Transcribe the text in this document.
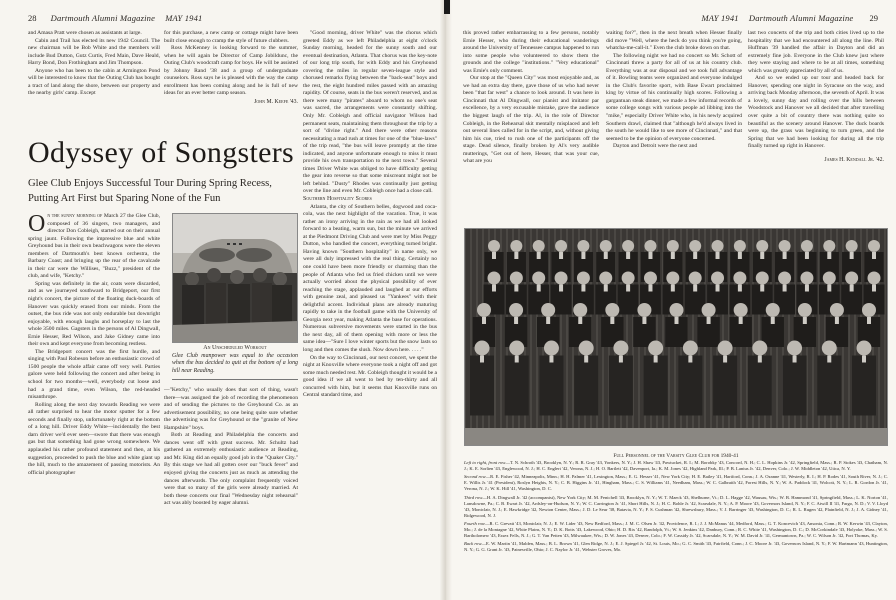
28 Dartmouth Alumni Magazine MAY 1941

and Amasa Pratt were chosen as assistants at large.

Cabin and Trail has elected its new 1942 Council. The new chairman will be Bob White and the members will include Bud Dutton, Gutz Curtis, Fred Main, Dave Heald, Harry Bond, Don Frothingham and Jim Thompson.

Anyone who has been to the cabin at Armington Pond will be interested to know that the Outing Club has bought a tract of land along the shore, between our property and the nearby girls' camp. Except

for this purchase, a new camp or cottage might have been built close enough to cramp the style of future clubbers.

Ross McKenney is looking forward to the summer, when he will again be Director of Camp Jobildunc, the Outing Club's woodcraft camp for boys. He will be assisted by Johnny Rand '38 and a group of undergraduate counselors. Ross says he is pleased with the way the camp enrollment has been coming along and he is full of new ideas for an ever better camp season.

John M. Keefe '43.
Odyssey of Songsters
Glee Club Enjoys Successful Tour During Spring Recess,
Putting Art First but Sparing None of the Fun

On the sunny morning of March 27 the Glee Club, composed of 36 singers, two managers, and director Don Cobleigh, started out on their annual spring jaunt. Following the impressive blue and white Greyhound bus in their own beachwagons were the eleven members of Dartmouth's best known orchestra, the Barbary Coast; and bringing up the rear of the cavalcade in their car were the Willises, "Buzz," president of the club, and wife, "Ketchy."

Spring was definitely in the air, coats were discarded, and as we journeyed southward to Bridgeport, our first night's concert, the picture of the floating duck-boards of Hanover was quickly erased from our minds. From the outset, the bus ride was not only endurable but downright enjoyable, with enough laughs and horseplay to last the whole 3500 miles. Gagsters in the persons of Al Dingwall, Ernie Hesser, Red Wilson, and Jake Gidney came into their own and kept everyone from becoming restless.

The Bridgeport concert was the first hurdle, and singing with Paul Robeson before an enthusiastic crowd of 1500 people the whole affair came off very well. Parties galore were held following the concert and after being in school for two months—well, everybody cut loose and had a grand time, even Wilson, the red-headed misanthrope.

Rolling along the next day towards Reading we were all rather surprised to hear the motor sputter for a few seconds and finally stop, unfortunately right at the bottom of a long hill. Driver Eddy White—incidentally the best darn driver we'd ever seen—swore that there was enough gas but that something had gone wrong somewhere. We applauded his rather profound statement and then, at his suggestion, proceeded to push the blue and white giant up the hill, much to the amazement of passing motorists. An official photographer

An Unscheduled Workout
Glee Club manpower was equal to the occasion when the bus decided to quit at the bottom of a long hill near Reading.

—"Ketchy," who usually does that sort of thing, wasn't there—was assigned the job of recording the phenomenon and of sending the pictures to the Greyhound Co. as an advertisement possibility, no one being quite sure whether the advertising was for Greyhound or the "granite of New Hampshire" boys.

Both at Reading and Philadelphia the concerts and dances went off with great success. Mr. Schultz had gathered an extremely enthusiastic audience at Reading, and Mr. King did an equally good job in the "Quaker City." By this stage we had all gotten over our "buck fever" and enjoyed giving the concerts just as much as attending the dances afterwards. The only complaint frequently voiced were that so many of the girls were already married. At both these concerts our final "Wednesday night rehearsal" act was ably boosted by eager alumni.

"Good morning, driver White" was the chorus which greeted Eddy as we left Philadelphia at eight o'clock Sunday morning, headed for the sunny south and our eventual destination, Atlanta. That chorus was the key-note of our long trip south, for with Eddy and his Greyhound covering the miles in regular seven-league style and chorused remarks flying between the "back-seat" boys and the rest, the eight hundred miles passed with an amazing rapidity. Of course, seats in the bus weren't reserved, and as there were many "pirates" aboard to whom no one's seat was sacred, the arrangements were constantly shifting. Only Mr. Cobleigh and official navigator Wilson had permanent seats, maintaining them throughout the trip by a sort of "divine right." And there were other reasons necessitating a mad rush at times for one of the "blue-laws" of the trip read, "the bus will leave promptly at the time indicated, and anyone unfortunate enough to miss it must provide his own transportation to the next town." Several times Driver White was obliged to have difficulty getting the gear into reverse so that some miscreant might not be left behind. "Dusty" Rhodes was continually just getting over the line and even Mr. Cobleigh once had a close call.

Southern Hospitality Scores

Atlanta, the city of Southern belles, dogwood and coca-cola, was the next highlight of the vacation. True, it was rather an irony arriving in the rain as we had all looked forward to a beating, warm sun, but the minute we arrived at the Piedmont Driving Club and were met by Miss Peggy Dutton, who handled the concert, everything turned bright. Having known "Southern hospitality" in name only, we were all duly impressed with the real thing. Certainly no one could have been more friendly or charming than the people of Atlanta who fed us fried chicken until we were actually worried about the physical possibility of ever reaching the stage, applauded and laughed at our efforts with genuine zeal, and pleased us "Yankees" with their delightful accent. Individual plans are already maturing rapidly to take in the football game with the University of Georgia next year, making Atlanta the base for operations. Numerous subversive movements were started in the bus the next day, all of them opening with more or less the same idea—"Sure I love winter sports but the snow lasts so long and then comes the slush. Now down here. . . . ."

On the way to Cincinnati, our next concert, we spent the night at Knoxville where everyone took a night off and got some much needed rest. Mr. Cobleigh thought it would be a good idea if we all went to bed by ten-thirty and all concurred with him, but it seems that Knoxville runs on Central standard time, and

MAY 1941 Dartmouth Alumni Magazine 29

this proved rather embarrassing to a few persons, notably Ernie Hesser, who during their educational wanderings around the University of Tennessee campus happened to run into some people who volunteered to show them the grounds and the college "institutions." "Very educational" was Ernie's only comment.

Our stop at the "Queen City" was most enjoyable and, as we had an extra day there, gave those of us who had never been "that far west" a chance to look around. It was here in Cincinnati that Al Dingwall, our pianist and imitator par excellence, by a very excusable mistake, gave the audience the biggest laugh of the trip. Al, in the role of Director Cobleigh, in the Rehearsal skit mentally misplaced and left out several lines called for in the script, and, without giving him his cue, tried to rush one of the participants off the stage. Dead silence, finally broken by Al's very audible mutterings, "Get out of here, Hesser, that was your cue, what are you

waiting for?", then in the next breath when Hesser finally did move "Well, where the heck do you think you're going, whatcha-me-call-it." Even the club broke down on that.

The following night we had no concert so Mr. Schott of Cincinnati threw a party for all of us at his country club. Everything was at our disposal and we took full advantage of it. Bowling teams were organized and everyone indulged in the Club's favorite sport, with Base Ewart proclaimed king by virtue of his continually high scores. Following a gargantuan steak dinner, we made a few informal records of some college songs with various people ad libbing into the "mike," especially Driver White who, in his newly acquired Southern drawl, claimed that "although he'd always lived in the south he would like to see more of Cincinnati," and that seemed to be the opinion of everyone concerned.

Dayton and Detroit were the next and

last two concerts of the trip and both cities lived up to the hospitality that we had encountered all along the line. Phil Huffman '39 handled the affair in Dayton and did an extremely fine job. Everyone in the Club knew just where they were staying and where to be at all times, something which was greatly appreciated by all of us.

And so we ended up our tour and headed back for Hanover, spending one night in Syracuse on the way, and arriving back Monday afternoon, the seventh of April. It was a lovely, sunny day and rolling over the hills between Woodstock and Hanover we all decided that after travelling over quite a bit of country there was nothing quite so beautiful as the scenery around Hanover. The duck boards were up, the grass was beginning to turn green, and the Spring that we had been looking for during all the trip finally turned up right in Hanover.

James H. Kendall Jr. '42.
Full Personnel of the Varsity Glee Club for 1940-41

Left to right, front row—T. N. Schroth '43, Brooklyn, N. Y.; R. R. Gray '43, Yonkers, N. Y.; J. H. Shaw '43, Pawtucket, R. I.; M. Borobky '43, Concord, N. H.; C. L. Hopkins Jr. '42, Springfield, Mass.; R. P. Stokes '43, Chatham, N. J.; K. E. Sorlien '43, Englewood, N. J.; H. C. Englert '42, Verona, N. J.; H. O. Bartlett '42, Davenport, Ia.; K. M. Jones '42, Highland Park, Ill.; P. B. Lanius Jr. '42, Denver, Colo.; J. W. Middleton '42, Utica, N. Y.

Second row—R. E. Fisher '42, Minneapolis, Minn.; H. H. Palmer '41, Lexington, Mass.; E. G. Hesser '41, New York City; H. E. Bailey '41, Hartford, Conn.; J. A. Ozanne '41, Westerly, R. I.; H. P. Rodes '41, South River, N. J.; C. E. Willis Jr. '41 (President), Roslyn Heights, N. Y.; C. B. Higgins Jr. '41, Hingham, Mass.; C. S. Williams '41, Needham, Mass.; W. C. Galbraith '42, Forest Hills, N. Y.; W. A. Paddock '41, Wolcott, N. Y.; L. R. Gordon Jr. '41, Verona, N. J.; W. K. Hill '41, Washington, D. C.

Third row—H. A. Dingwall Jr. '42 (accompanist), New York City; M. M. Fenichell '43, Brooklyn, N. Y.; W. T. Maeck '43, Shelburne, Vt.; D. L. Hagge '42, Wausau, Wis.; W. B. Hammond '41, Springfield, Mass.; L. K. Norton '41, Lansdowne, Pa.; C. B. Ewart Jr. '42, Ardsley-on-Hudson, N. Y.; W. C. Carrington Jr. '41, Short Hills, N. J.; H. C. Bohle Jr. '42, Scarsdale, N. Y.; A. P. Moore '43, Governors Island, N. Y.; F. C. Atwill II '41, Fargo, N. D.; V. V. Lloyd '43, Montclair, N. J.; E. Hawkridge '42, Newton Center, Mass.; J. D. Le Seur '38, Batavia, N. Y.; F. S. Cushman '42, Shrewsbury, Mass.; V. J. Barringer '43, Washington, D. C.; R. L. Rugen '42, Plainfield, N. J.; J. A. Gidney '41, Ridgewood, N. J.

Fourth row—R. C. Grevatt '43, Montclair, N. J.; E. W. Lider '43, New Bedford, Mass.; J. M. C. Olsen Jr. '42, Providence, R. I.; J. J. McManus '44, Medford, Mass.; G. T. Koncevich '43, Ansonia, Conn.; R. W. Kerwin '43, Clayton, Mo.; J. de la Montagne '42, White Plains, N. Y.; D. K. Botts '43, Lakewood, Ohio; H. D. Rix '42, Randolph, Vt.; W. S. Jenkins '42, Danbury, Conn.; R. C. White '41, Washington, D. C.; D. McCorkindale '43, Holyoke, Mass.; W. S. Bartholomew '43, Essex Fells, N. J.; G. T. Van Petten '43, Milwaukee, Wis.; D. W. Jones '43, Denver, Colo.; F. W. Cassidy Jr. '42, Scarsdale, N. Y.; W. M. David Jr. '41, Germantown, Pa.; W. C. Wilson Jr. '42, Fort Thomas, Ky.

Back row—E. W. Martin '41, Malden, Mass.; B. L. Brown '41, Glen Ridge, N. J.; E. J. Spiegel Jr. '42, St. Louis, Mo.; G. C. Smith '43, Fairfield, Conn.; J. C. Moore Jr. '43, Governors Island, N. Y.; F. W. Hartmann '43, Huntington, N. Y.; G. G. Grant Jr. '43, Painesville, Ohio; J. C. Naylor Jr. '41, Webster Groves, Mo.
